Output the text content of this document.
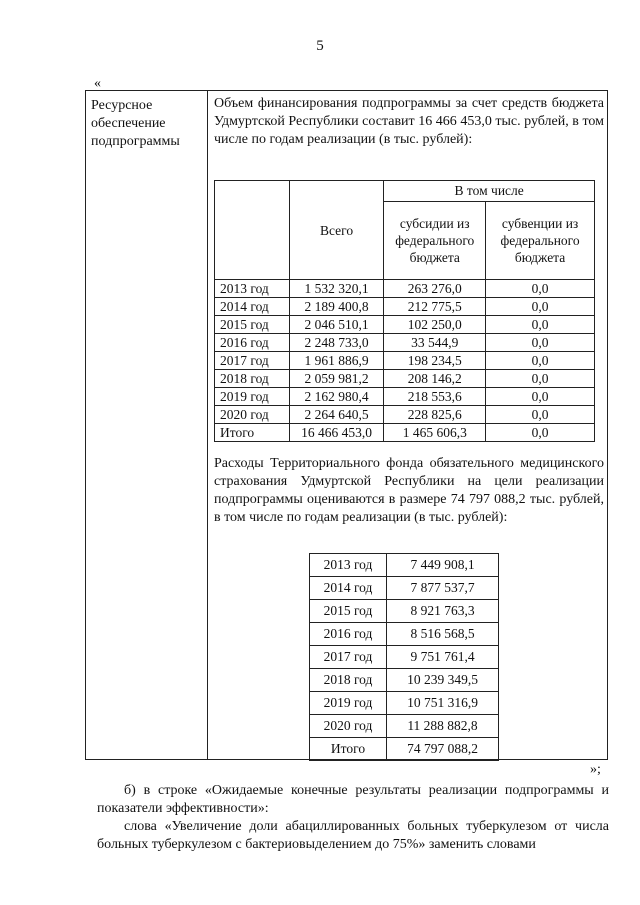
5
«
Ресурсное обеспечение подпрограммы
Объем финансирования подпрограммы за счет средств бюджета Удмуртской Республики составит 16 466 453,0 тыс. рублей, в том числе по годам реализации (в тыс. рублей):
	Всего	В том числе	
		субсидии из федерального бюджета	субвенции из федерального бюджета
2013 год	1 532 320,1	263 276,0	0,0
2014 год	2 189 400,8	212 775,5	0,0
2015 год	2 046 510,1	102 250,0	0,0
2016 год	2 248 733,0	33 544,9	0,0
2017 год	1 961 886,9	198 234,5	0,0
2018 год	2 059 981,2	208 146,2	0,0
2019 год	2 162 980,4	218 553,6	0,0
2020 год	2 264 640,5	228 825,6	0,0
Итого	16 466 453,0	1 465 606,3	0,0
Расходы Территориального фонда обязательного медицинского страхования Удмуртской Республики на цели реализации подпрограммы оцениваются в размере 74 797 088,2 тыс. рублей, в том числе по годам реализации (в тыс. рублей):
2013 год	7 449 908,1
2014 год	7 877 537,7
2015 год	8 921 763,3
2016 год	8 516 568,5
2017 год	9 751 761,4
2018 год	10 239 349,5
2019 год	10 751 316,9
2020 год	11 288 882,8
Итого	74 797 088,2
»;
б) в строке «Ожидаемые конечные результаты реализации подпрограммы и показатели эффективности»:
слова «Увеличение доли абациллированных больных туберкулезом от числа больных туберкулезом с бактериовыделением до 75%» заменить словами
